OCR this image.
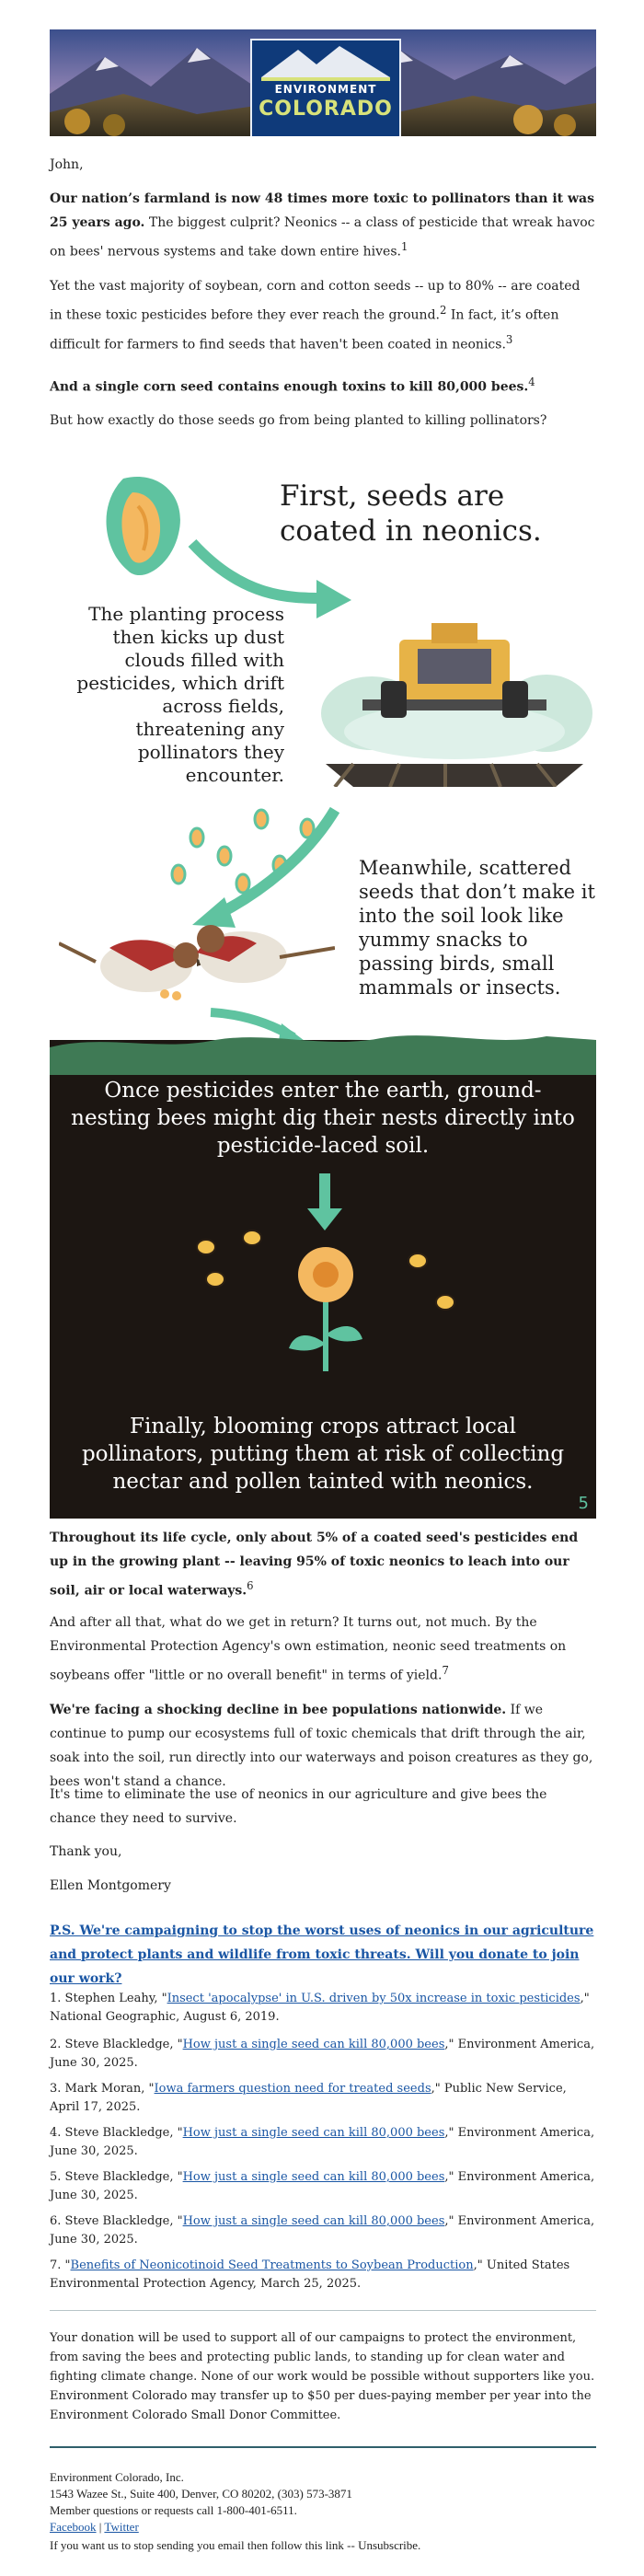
ENVIRONMENT
COLORADO

John,

Our nation’s farmland is now 48 times more toxic to pollinators than it was 25 years ago. The biggest culprit? Neonics -- a class of pesticide that wreak havoc on bees' nervous systems and take down entire hives.$^1$

Yet the vast majority of soybean, corn and cotton seeds -- up to 80% -- are coated in these toxic pesticides before they ever reach the ground.$^2$ In fact, it’s often difficult for farmers to find seeds that haven't been coated in neonics.$^3$

And a single corn seed contains enough toxins to kill 80,000 bees.$^4$

But how exactly do those seeds go from being planted to killing pollinators?

First, seeds are coated in neonics.
The planting process then kicks up dust clouds filled with pesticides, which drift across fields, threatening any pollinators they encounter.
Meanwhile, scattered seeds that don’t make it into the soil look like yummy snacks to passing birds, small mammals or insects.
Once pesticides enter the earth, ground-nesting bees might dig their nests directly into pesticide-laced soil.
Finally, blooming crops attract local pollinators, putting them at risk of collecting nectar and pollen tainted with neonics.
5

Throughout its life cycle, only about 5% of a coated seed's pesticides end up in the growing plant -- leaving 95% of toxic neonics to leach into our soil, air or local waterways.$^6$

And after all that, what do we get in return? It turns out, not much. By the Environmental Protection Agency's own estimation, neonic seed treatments on soybeans offer "little or no overall benefit" in terms of yield.$^7$

We're facing a shocking decline in bee populations nationwide. If we continue to pump our ecosystems full of toxic chemicals that drift through the air, soak into the soil, run directly into our waterways and poison creatures as they go, bees won't stand a chance.

It's time to eliminate the use of neonics in our agriculture and give bees the chance they need to survive.

Thank you,

Ellen Montgomery

P.S. We're campaigning to stop the worst uses of neonics in our agriculture and protect plants and wildlife from toxic threats. Will you donate to join our work?

1. Stephen Leahy, "Insect 'apocalypse' in U.S. driven by 50x increase in toxic pesticides," National Geographic, August 6, 2019.
2. Steve Blackledge, "How just a single seed can kill 80,000 bees," Environment America, June 30, 2025.
3. Mark Moran, "Iowa farmers question need for treated seeds," Public New Service, April 17, 2025.
4. Steve Blackledge, "How just a single seed can kill 80,000 bees," Environment America, June 30, 2025.
5. Steve Blackledge, "How just a single seed can kill 80,000 bees," Environment America, June 30, 2025.
6. Steve Blackledge, "How just a single seed can kill 80,000 bees," Environment America, June 30, 2025.
7. "Benefits of Neonicotinoid Seed Treatments to Soybean Production," United States Environmental Protection Agency, March 25, 2025.
Your donation will be used to support all of our campaigns to protect the environment, from saving the bees and protecting public lands, to standing up for clean water and fighting climate change. None of our work would be possible without supporters like you. Environment Colorado may transfer up to $50 per dues-paying member per year into the Environment Colorado Small Donor Committee.
Environment Colorado, Inc.
1543 Wazee St., Suite 400, Denver, CO 80202, (303) 573-3871
Member questions or requests call 1-800-401-6511.
Facebook | Twitter
If you want us to stop sending you email then follow this link -- Unsubscribe.
